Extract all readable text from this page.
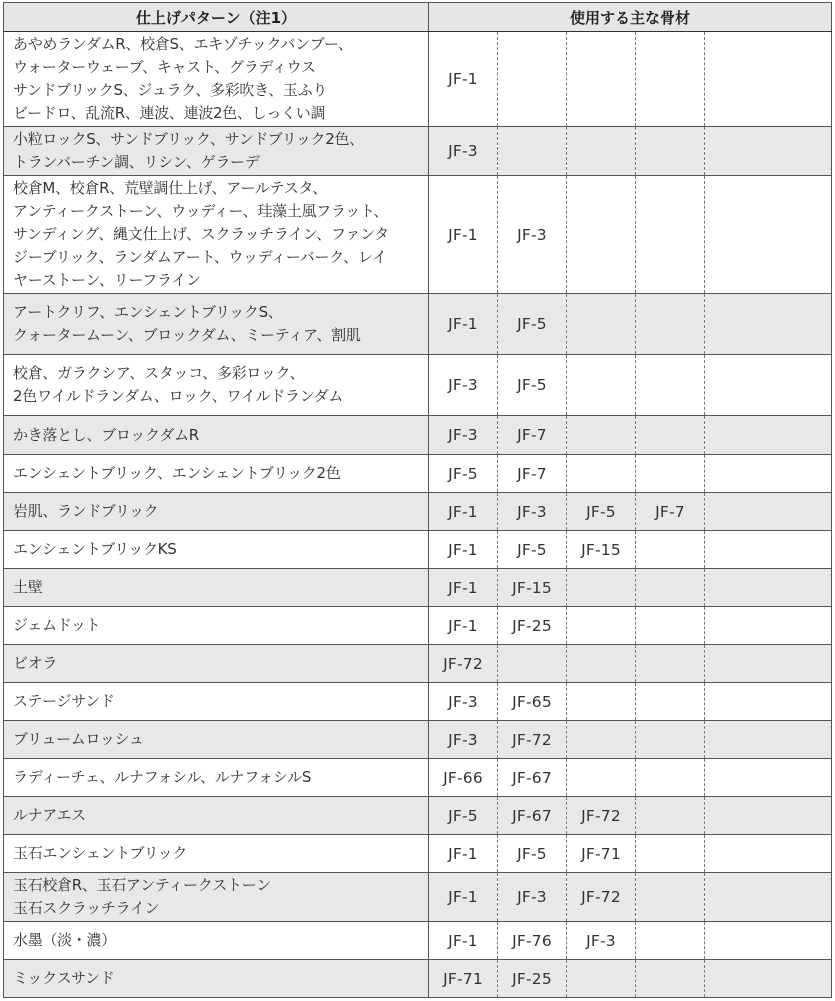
仕上げパターン（注1）	使用する主な骨材				
あやめランダムR、校倉S、エキゾチックバンブー、
ウォーターウェーブ、キャスト、グラディウス
サンドブリックS、ジュラク、多彩吹き、玉ふり
ビードロ、乱流R、連波、連波2色、しっくい調	JF-1				
小粒ロックS、サンドブリック、サンドブリック2色、
トランバーチン調、リシン、ゲラーデ	JF-3				
校倉M、校倉R、荒壁調仕上げ、アールテスタ、
アンティークストーン、ウッディー、珪藻土風フラット、
サンディング、縄文仕上げ、スクラッチライン、ファンタ
ジーブリック、ランダムアート、ウッディーバーク、レイ
ヤーストーン、リーフライン	JF-1	JF-3			
アートクリフ、エンシェントブリックS、
クォータームーン、ブロックダム、ミーティア、割肌	JF-1	JF-5			
校倉、ガラクシア、スタッコ、多彩ロック、
2色ワイルドランダム、ロック、ワイルドランダム	JF-3	JF-5			
かき落とし、ブロックダムR	JF-3	JF-7			
エンシェントブリック、エンシェントブリック2色	JF-5	JF-7			
岩肌、ランドブリック	JF-1	JF-3	JF-5	JF-7	
エンシェントブリックKS	JF-1	JF-5	JF-15		
土壁	JF-1	JF-15			
ジェムドット	JF-1	JF-25			
ビオラ	JF-72				
ステージサンド	JF-3	JF-65			
ブリュームロッシュ	JF-3	JF-72			
ラディーチェ、ルナフォシル、ルナフォシルS	JF-66	JF-67			
ルナアエス	JF-5	JF-67	JF-72		
玉石エンシェントブリック	JF-1	JF-5	JF-71		
玉石校倉R、玉石アンティークストーン
玉石スクラッチライン	JF-1	JF-3	JF-72		
水墨（淡・濃）	JF-1	JF-76	JF-3		
ミックスサンド	JF-71	JF-25			
